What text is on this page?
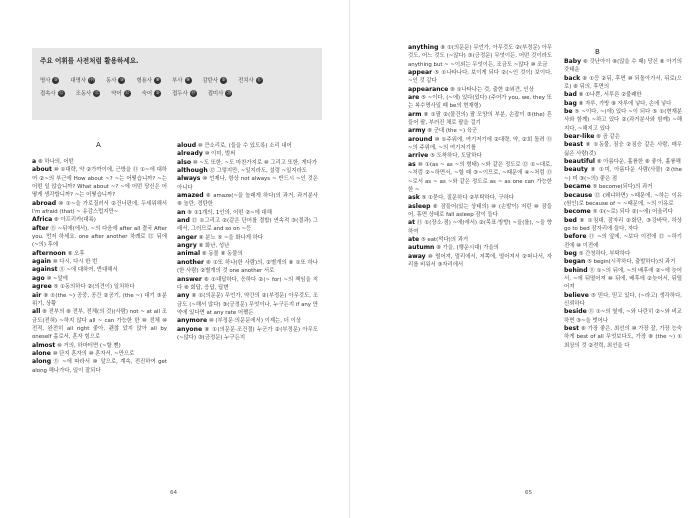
주요 어휘를 사전처럼 활용하세요.
명사 ⑤ 대명사 ㈜ 동사 ⑤ 형용사 ⑧ 부사 ⑨ 감탄사 ⑤ 전치사 ⑪
접속사 ⑫ 조동사 ⑫ 약어 ⑫ 숙어 ⑤ 접두사 ⑲ 접미사 ⑳
A

a ⑧ 하나의, 어떤

about ⑩ ①대략, 약 ②가까이에, 근방을 ⑪ ①~에 대하여 ②~의 부근에 How about ~? ~는 어떻습니까? ~는 어떤 일 않습니까? What about ~? ~에 어떤 당신은 어떻게 생각합니까? ~는 어떻습니까?

abroad ⑩ ①~을 가로질러서 ②건너편에, 두세위해서 I'm afraid (that) ~ 유감스럽지만~

Africa ⑧ 아프리카(대륙)

after ⑪ ~뒤에(에서), ~의 다음에 after all 결국 After you. 먼저 하세요. one after another 차례로 ⑫ 뒤에 (~의) 후에

afternoon ⑧ 오후

again ⑩ 다시, 다시 한 번

against ⑪ ~에 대하여, 반대해서

ago ⑩ ~앞에

agree ⑤ ①동의하다 ②(의견이) 일치하다

air ⑧ ①(the ~) 공중, 공간 ②공기, (the ~) 대기 ③분위기, 상황

all ⑧ 전부의 ⑧ 전부, 전체(의 것)(사람) not ~ at all 조금도(전혀) ~하지 않다 all ~ can 가능한 한 ⑩ 전체 ⑩ 전적, 완전히 all right 좋아, 괜찮 았지 앉아 all by oneself 홀로서, 혼자 힘으로

almost ⑩ 거의, 하마터면 (~할 뻔)

alone ⑩ 단지 혼자의 ⑩ 혼자서, ~만으로

along ⑪ ~에 따라서 ⑩ 앞으로, 계속, 전진하여 get along 해나가다, 일이 잘되다

aloud ⑩ 큰소리로, (들을 수 있도록) 소리 내어

already ⑩ 이미, 벌써

also ⑩ ~도 또한, ~도 마찬가지로 ⑩ 그리고 또한, 게다가

although ⑫ 그렇지만, ~일지라도, 설령 ~일지라도

always ⑩ 언제나, 항상 not always ~ 반드시 ~인 것은 아니다

amazed ⑧ amaze(~을 놀래게 하다)의 과거, 과거분사 ⑧ 놀란, 경탄한

an ⑧ ①1개의, 1인의, 어떤 ②~에 대해

and ⑫ ①그리고 ②(같은 단어를 결합) 연속적 ③(결과) 그래서, 그러므로 and so on ~등

anger ⑧ 분노 ⑤ ~을 화나게 하다

angry ⑧ 화난, 성난

animal ⑧ 동물 ⑧ 동물의

another ⑧ ①또 하나(한 사람)의, ②별개의 ⑧ ①또 하나(한 사람) ②별개의 것 one another 서로

answer ⑧ ①대답하다, 응하다 ②(~ for) ~의 책임을 지다 ⑧ 회답, 응답, 답변

any ⑧ ①(의문문) 무언가, 약간의 ②(부정문) 아무것도, 조금도 (~해서 않다) ③(긍정문) 무엇이나, 누구든지 if any 만약에 있다면 at any rate 어쨌든

anymore ⑩ (부정문·의문문에서) 이제는, 더 이상

anyone ⑧ ①(의문문·조건절) 누군가 ②(부정문) 아무도 (~않다) ③(긍정문) 누구든지

64

anything ⑧ ①(의문문) 무언가, 아무것도 ②(부정문) 아무것도, 어느 것도 (~않다) ③(긍정문) 무엇이든, 어떤 것이라도 anything but ~ ~이외는 무엇이든, 조금도 ~않다 ⑩ 조금

appear ⑤ ①나타나다, 보이게 되다 ②(~인 것이) 보이다, ~인 것 같다

appearance ⑧ ①나타나는 것, 출현 ②외견, 인상

are ⑤ ~이다, (~에) 있다(있다) (주어가 you, we, they 또는 복수명사일 때 be의 현재형)

arm ⑧ ①팔 ②(물건의) 팔 모양의 부분, 손잡이 ③(the) 흔들어 팔, 부러진 채로 팔을 걸기

army ⑧ 군대 (the ~) 육군

around ⑩ ①주위에, 여기저기에 ②대략, 약, ②회 돌려 ⑪ ~의 주위에, ~의 여기저기를

arrive ⑤ 도착하다, 도달하다

as ⑩ ①(as ~ as ~의 형태) ~와 같은 정도로 ⑫ ①~대로, ~처럼 ②~하면서, ~할 때 ③~이므로, ~때문에 ④~처럼 ⑪ ~로서 as ~ as ~와 같은 정도로 as ~ as one can 가능한 한 ~

ask ⑤ ①묻다, 질문하다 ②부탁하다, 구하다

asleep ⑧ 잠들어(있는 상태의) ⑩ (손발이) 저린 ⑩ 잠들어, 휴면 상태로 fall asleep 잠이 들다

at ⑪ ①(장소·점) ~에(에서) ②(목표·방향) ~을(를), ~을 향하여

ate ⑤ eat(먹다)의 과거

autumn ⑧ 가을, (행운시대) 가을의

away ⑩ 떨어져, 멀리에서, 저쪽에, 떨어져서 ②떠나서, 자리를 비워서 ③자리에서

B

Baby ⑧ 갓난아이 ⑧(않을 수 때) 당신 ⑧ 아기의 갓태운

back ⑧ ①등 ②뒤, 후면 ⑩ 되돌아가서, 뒤로(으로) ⑧ 뒤의, 후면의

bad ⑧ ①나쁜, 서투른 ②불쾌한

bag ⑧ 자루, 가방 ⑧ 자루에 넣다, 손에 넣다

be ⑤ ~이다, ~(에) 있다 ~이 되다 ⑤ ①(현재분사와 함께) ~하고 있다 ②(과거분사와 함께) ~해지다, ~해지고 있다

bear-like ⑧ 곰 같은

beast ⑧ ①동물, 짐승 ②짐승 같은 사람, 매우 싫은 사람(것)

beautiful ⑧ 아름다운, 훌륭한 ⑧ 좋아, 훌륭해

beauty ⑧ ①미, 아름다운 사람(사물) ②(the ~) 미 ③(~의) 좋은 점

became ⑤ become(되다)의 과거

because ⑫ (왜냐하면) ~때문에, ~하는 이유(원인)로 because of ~ ~때문에, ~의 이유로

become ⑤ ①(~로) 되다 ②(~에) 어울리다

bed ⑧ ①침대, 잠자리 ②화단, ③강바닥, 하상 go to bed 잠자리에 들다, 자다

before ⑪ ~의 앞에, ~보다 이전에 ⑫ ~하기 전에 ⑩ 이전에

beg ⑤ 간청하다, 부탁하다

began ⑤ begin(시작하다, 출발하다)의 과거

behind ⑪ ①~의 뒤에, ~의 배후에 ②~에 늦어서, ~에 뒤떨어져 ⑩ 뒤에, 배후에 ②늦어서, 뒤떨어져

believe ⑤ 믿다, 믿고 있다, (~라고) 생각하다, 신뢰하다

beside ⑪ ①~의 옆에, ~와 나란히 ②~와 비교하면 ③~을 벗어나

best ⑧ 가장 좋은, 최선의 ⑩ 가장 잘, 가장 능숙하게 best of all 무엇보다도, 가장 ⑧ (the ~) ①최상의 것 ②전력, 최선을 다

65
